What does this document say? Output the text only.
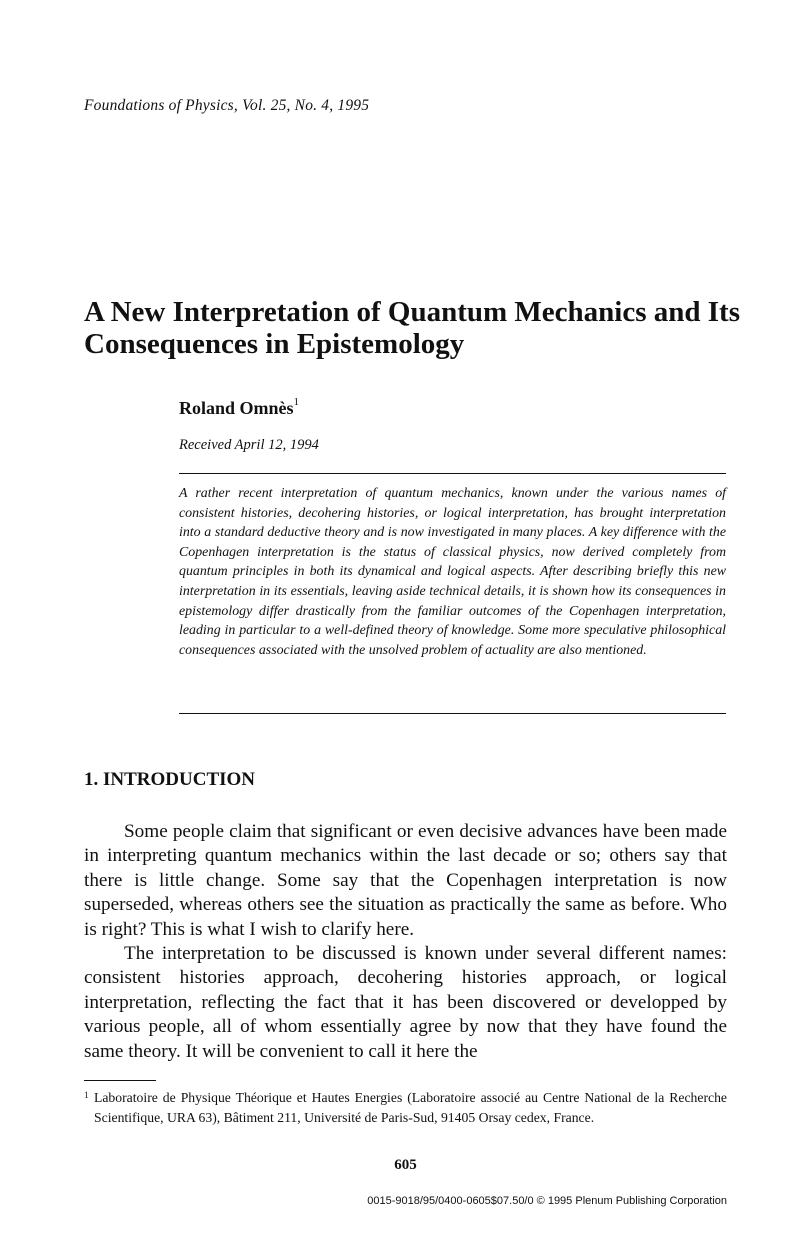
Foundations of Physics, Vol. 25, No. 4, 1995
A New Interpretation of Quantum Mechanics and Its Consequences in Epistemology
Roland Omnès$^1$
Received April 12, 1994
A rather recent interpretation of quantum mechanics, known under the various names of consistent histories, decohering histories, or logical interpretation, has brought interpretation into a standard deductive theory and is now investigated in many places. A key difference with the Copenhagen interpretation is the status of classical physics, now derived completely from quantum principles in both its dynamical and logical aspects. After describing briefly this new interpretation in its essentials, leaving aside technical details, it is shown how its consequences in epistemology differ drastically from the familiar outcomes of the Copenhagen interpretation, leading in particular to a well-defined theory of knowledge. Some more speculative philosophical consequences associated with the unsolved problem of actuality are also mentioned.
1. INTRODUCTION

Some people claim that significant or even decisive advances have been made in interpreting quantum mechanics within the last decade or so; others say that there is little change. Some say that the Copenhagen interpretation is now superseded, whereas others see the situation as practically the same as before. Who is right? This is what I wish to clarify here.

The interpretation to be discussed is known under several different names: consistent histories approach, decohering histories approach, or logical interpretation, reflecting the fact that it has been discovered or developped by various people, all of whom essentially agree by now that they have found the same theory. It will be convenient to call it here the

1 Laboratoire de Physique Théorique et Hautes Energies (Laboratoire associé au Centre National de la Recherche Scientifique, URA 63), Bâtiment 211, Université de Paris-Sud, 91405 Orsay cedex, France.
605
0015-9018/95/0400-0605$07.50/0 © 1995 Plenum Publishing Corporation
